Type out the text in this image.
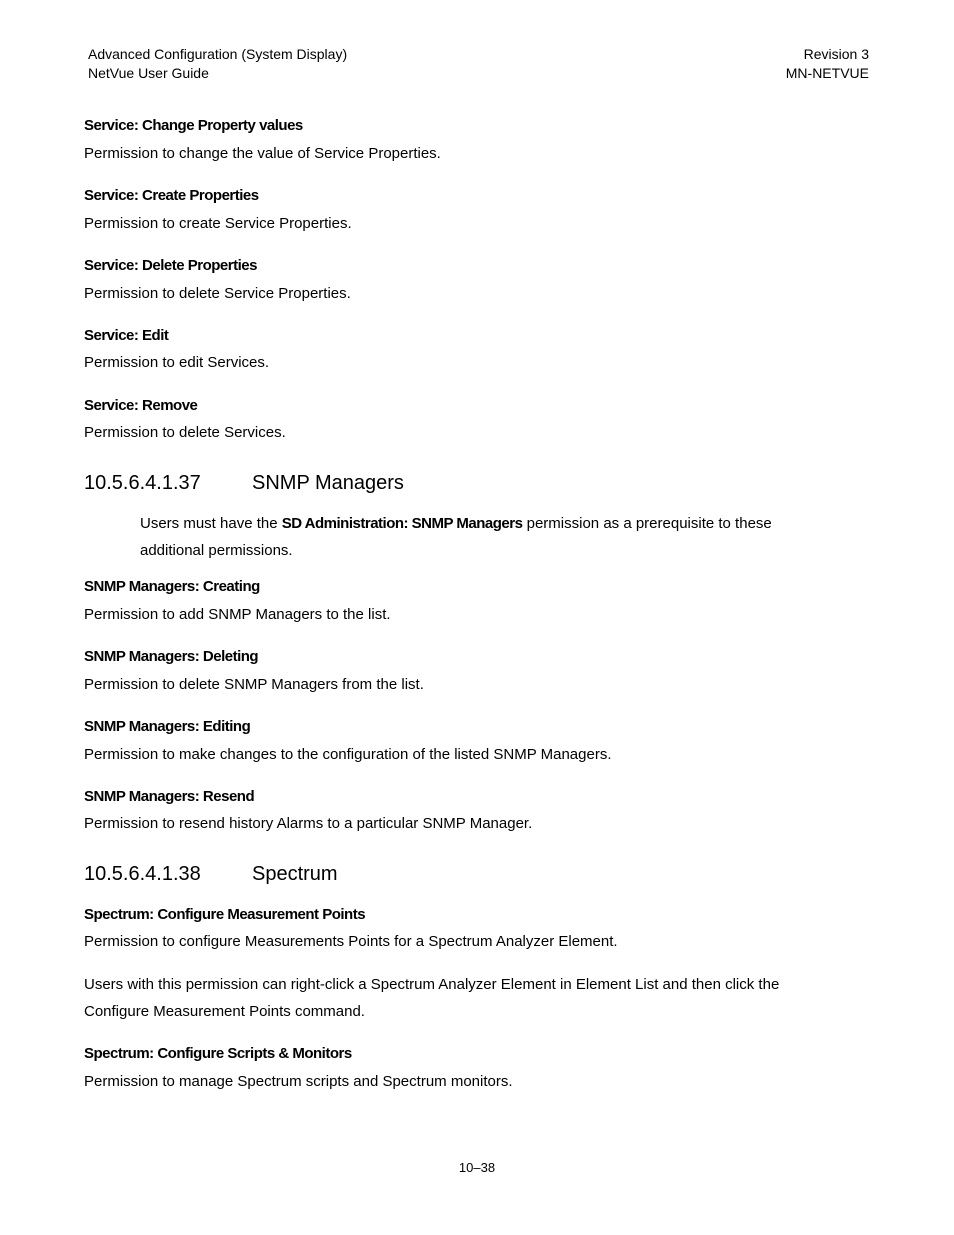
Advanced Configuration (System Display)
NetVue User Guide
Revision 3
MN-NETVUE
Service: Change Property values
Permission to change the value of Service Properties.
Service: Create Properties
Permission to create Service Properties.
Service: Delete Properties
Permission to delete Service Properties.
Service: Edit
Permission to edit Services.
Service: Remove
Permission to delete Services.
10.5.6.4.1.37	SNMP Managers
Users must have the SD Administration: SNMP Managers permission as a prerequisite to these
additional permissions.
SNMP Managers: Creating
Permission to add SNMP Managers to the list.
SNMP Managers: Deleting
Permission to delete SNMP Managers from the list.
SNMP Managers: Editing
Permission to make changes to the configuration of the listed SNMP Managers.
SNMP Managers: Resend
Permission to resend history Alarms to a particular SNMP Manager.
10.5.6.4.1.38	Spectrum
Spectrum: Configure Measurement Points
Permission to configure Measurements Points for a Spectrum Analyzer Element.
Users with this permission can right-click a Spectrum Analyzer Element in Element List and then click the
Configure Measurement Points command.
Spectrum: Configure Scripts & Monitors
Permission to manage Spectrum scripts and Spectrum monitors.
10–38
